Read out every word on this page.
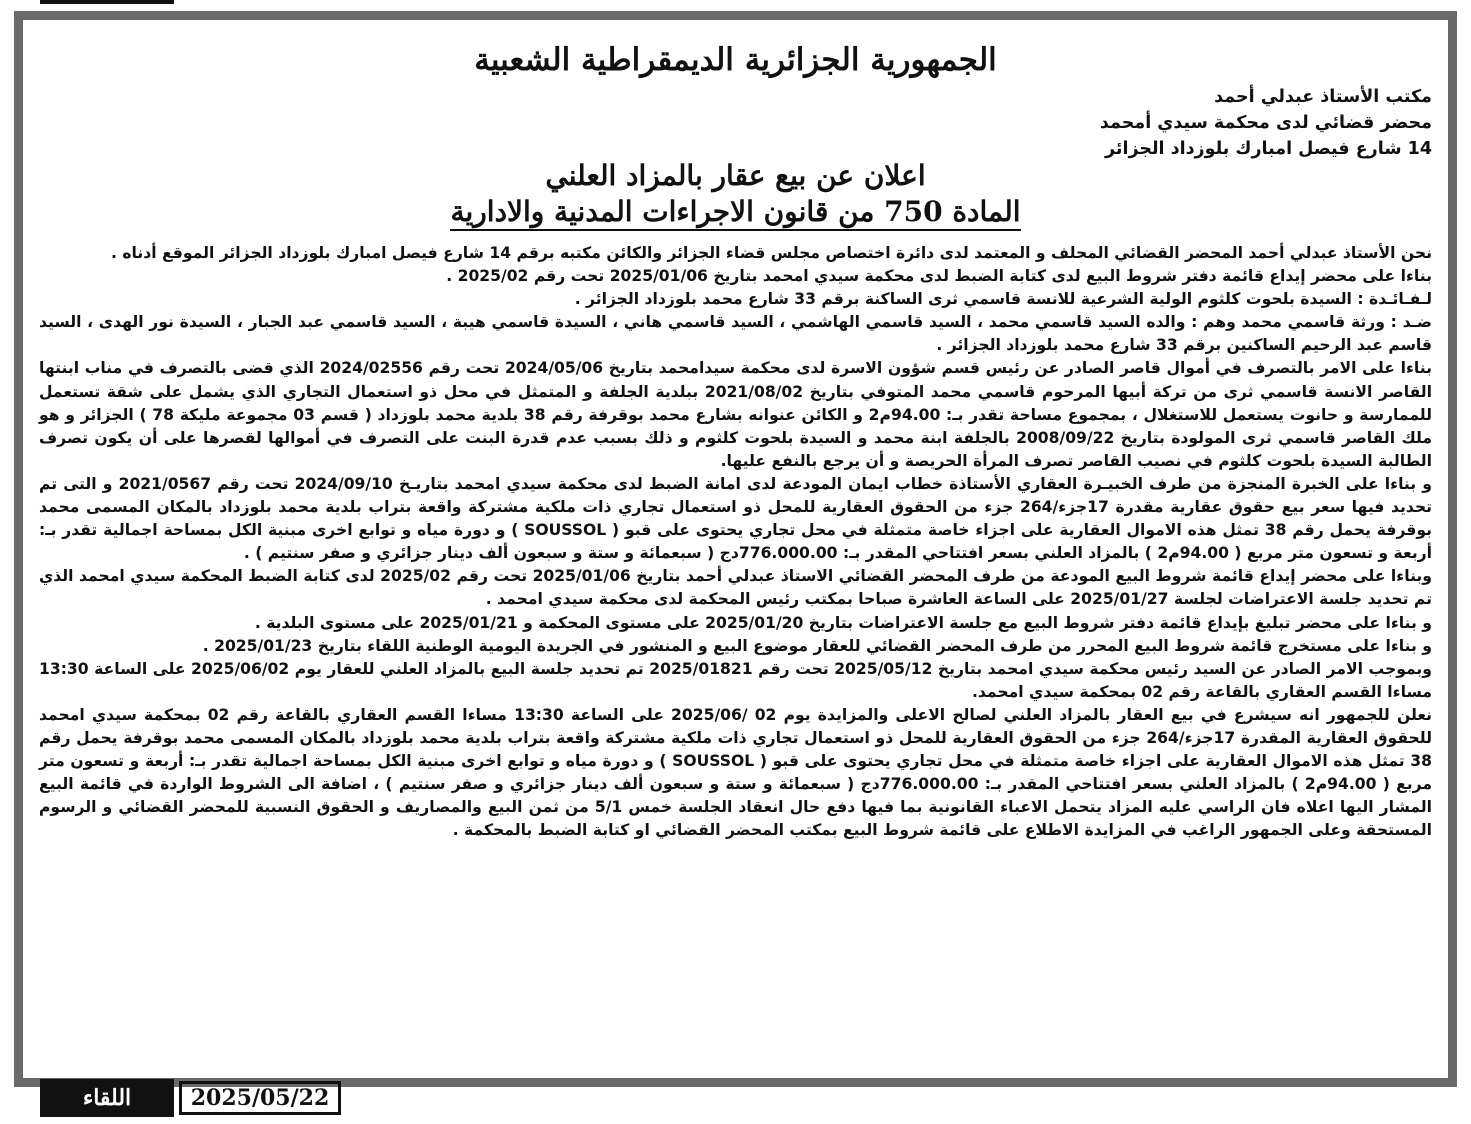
الجمهورية الجزائرية الديمقراطية الشعبية
مكتب الأستاذ عبدلي أحمد
محضر قضائي لدى محكمة سيدي أمحمد
14 شارع فيصل امبارك بلوزداد الجزائر
اعلان عن بيع عقار بالمزاد العلني
المادة 750 من قانون الاجراءات المدنية والادارية

نحن الأستاذ عبدلي أحمد المحضر القضائي المحلف و المعتمد لدى دائرة اختصاص مجلس قضاء الجزائر والكائن مكتبه برقم 14 شارع فيصل امبارك بلوزداد الجزائر الموقع أدناه .

بناءا على محضر إيداع قائمة دفتر شروط البيع لدى كتابة الضبط لدى محكمة سيدي امحمد بتاريخ 2025/01/06 تحت رقم 2025/02 .

لـفـائـدة : السيدة بلحوت كلثوم الولية الشرعية للانسة قاسمي ثرى الساكنة برقم 33 شارع محمد بلوزداد الجزائر .

ضـد : ورثة قاسمي محمد وهم : والده السيد قاسمي محمد ، السيد قاسمي الهاشمي ، السيد قاسمي هاني ، السيدة قاسمي هيبة ، السيد قاسمي عبد الجبار ، السيدة نور الهدى ، السيد قاسم عبد الرحيم الساكنين برقم 33 شارع محمد بلوزداد الجزائر .

بناءا على الامر بالتصرف في أموال قاصر الصادر عن رئيس قسم شؤون الاسرة لدى محكمة سيدامحمد بتاريخ 2024/05/06 تحت رقم 2024/02556 الذي قضى بالتصرف في مناب ابنتها القاصر الانسة قاسمي ثرى من تركة أبيها المرحوم قاسمي محمد المتوفي بتاريخ 2021/08/02 ببلدية الجلفة و المتمثل في محل ذو استعمال التجاري الذي يشمل على شقة تستعمل للممارسة و حانوت يستعمل للاستغلال ، بمجموع مساحة تقدر بـ: 94.00م2 و الكائن عنوانه بشارع محمد بوقرفة رقم 38 بلدية محمد بلوزداد ( قسم 03 مجموعة مليكة 78 ) الجزائر و هو ملك القاصر قاسمي ثرى المولودة بتاريخ 2008/09/22 بالجلفة ابنة محمد و السيدة بلحوت كلثوم و ذلك بسبب عدم قدرة البنت على التصرف في أموالها لقصرها على أن يكون تصرف الطالبة السيدة بلحوت كلثوم في نصيب القاصر تصرف المرأة الحريصة و أن يرجع بالنفع عليها.

و بناءا على الخبرة المنجزة من طرف الخبيـرة العقاري الأستاذة خطاب ايمان المودعة لدى امانة الضبط لدى محكمة سيدي امحمد بتاريـخ 2024/09/10 تحت رقم 2021/0567 و التى تم تحديد فيها سعر بيع حقوق عقارية مقدرة 17جزء/264 جزء من الحقوق العقارية للمحل ذو استعمال تجاري ذات ملكية مشتركة واقعة بتراب بلدية محمد بلوزداد بالمكان المسمى محمد بوقرفة يحمل رقم 38 تمثل هذه الاموال العقارية على اجزاء خاصة متمثلة في محل تجاري يحتوى على قبو ( SOUSSOL ) و دورة مياه و توابع اخرى مبنية الكل بمساحة اجمالية تقدر بـ: أربعة و تسعون متر مربع ( 94.00م2 ) بالمزاد العلني بسعر افتتاحي المقدر بـ: 776.000.00دج ( سبعمائة و ستة و سبعون ألف دينار جزائري و صفر سنتيم ) .

وبناءا على محضر إيداع قائمة شروط البيع المودعة من طرف المحضر القضائي الاستاذ عبدلي أحمد بتاريخ 2025/01/06 تحت رقم 2025/02 لدى كتابة الضبط المحكمة سيدي امحمد الذي تم تحديد جلسة الاعتراضات لجلسة 2025/01/27 على الساعة العاشرة صباحا بمكتب رئيس المحكمة لدى محكمة سيدي امحمد .

و بناءا على محضر تبليغ بإيداع قائمة دفتر شروط البيع مع جلسة الاعتراضات بتاريخ 2025/01/20 على مستوى المحكمة و 2025/01/21 على مستوى البلدية .

و بناءا على مستخرج قائمة شروط البيع المحرر من طرف المحضر القضائي للعقار موضوع البيع و المنشور في الجريدة اليومية الوطنية اللقاء بتاريخ 2025/01/23 .

وبموجب الامر الصادر عن السيد رئيس محكمة سيدي امحمد بتاريخ 2025/05/12 تحت رقم 2025/01821 تم تحديد جلسة البيع بالمزاد العلني للعقار يوم 2025/06/02 على الساعة 13:30 مساءا القسم العقاري بالقاعة رقم 02 بمحكمة سيدي امحمد.

نعلن للجمهور انه سيشرع في بيع العقار بالمزاد العلني لصالح الاعلى والمزايدة يوم 02 /2025/06 على الساعة 13:30 مساءا القسم العقاري بالقاعة رقم 02 بمحكمة سيدي امحمد للحقوق العقارية المقدرة 17جزء/264 جزء من الحقوق العقارية للمحل ذو استعمال تجاري ذات ملكية مشتركة واقعة بتراب بلدية محمد بلوزداد بالمكان المسمى محمد بوقرفة يحمل رقم 38 تمثل هذه الاموال العقارية على اجزاء خاصة متمثلة في محل تجاري يحتوى على قبو ( SOUSSOL ) و دورة مياه و توابع اخرى مبنية الكل بمساحة اجمالية تقدر بـ: أربعة و تسعون متر مربع ( 94.00م2 ) بالمزاد العلني بسعر افتتاحي المقدر بـ: 776.000.00دج ( سبعمائة و ستة و سبعون ألف دينار جزائري و صفر سنتيم ) ، اضافة الى الشروط الواردة في قائمة البيع المشار اليها اعلاه فان الراسي عليه المزاد يتحمل الاعباء القانونية بما فيها دفع حال انعقاد الجلسة خمس 5/1 من ثمن البيع والمصاريف و الحقوق النسبية للمحضر القضائي و الرسوم المستحقة وعلى الجمهور الراغب في المزايدة الاطلاع على قائمة شروط البيع بمكتب المحضر القضائي او كتابة الضبط بالمحكمة .

اللقاء	2025/05/22
